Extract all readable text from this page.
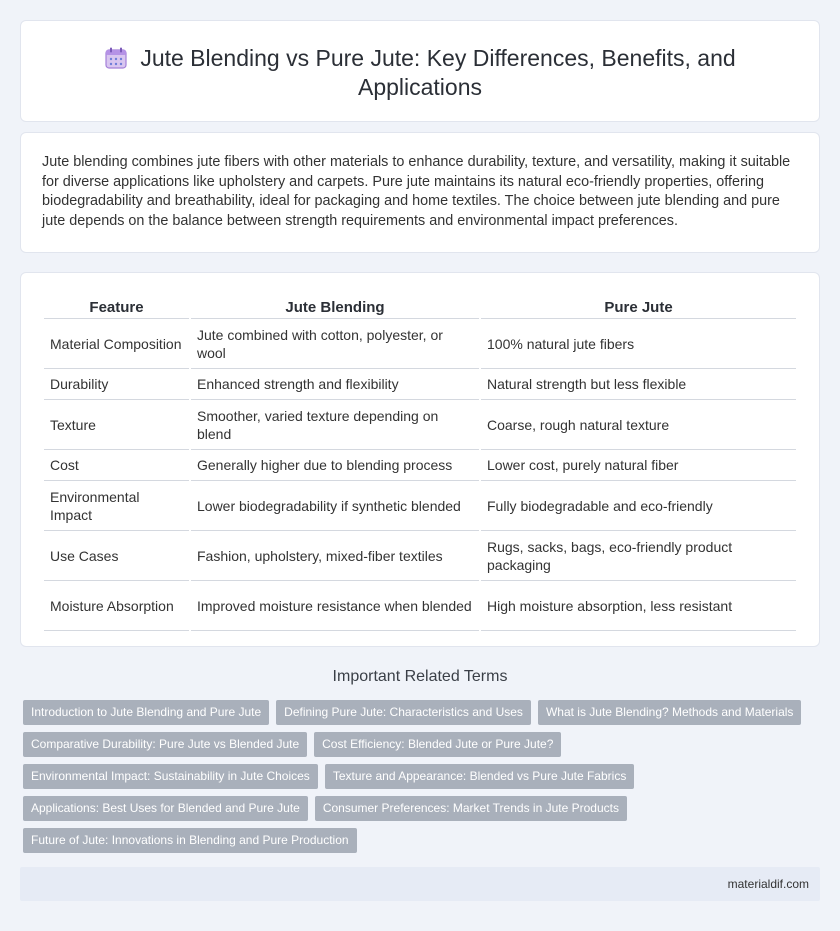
Jute Blending vs Pure Jute: Key Differences, Benefits, and
Applications

Jute blending combines jute fibers with other materials to enhance durability, texture, and versatility, making it suitable for diverse applications like upholstery and carpets. Pure jute maintains its natural eco-friendly properties, offering biodegradability and breathability, ideal for packaging and home textiles. The choice between jute blending and pure jute depends on the balance between strength requirements and environmental impact preferences.

Feature	Jute Blending	Pure Jute
Material Composition	Jute combined with cotton, polyester, or wool	100% natural jute fibers
Durability	Enhanced strength and flexibility	Natural strength but less flexible
Texture	Smoother, varied texture depending on blend	Coarse, rough natural texture
Cost	Generally higher due to blending process	Lower cost, purely natural fiber
Environmental Impact	Lower biodegradability if synthetic blended	Fully biodegradable and eco-friendly
Use Cases	Fashion, upholstery, mixed-fiber textiles	Rugs, sacks, bags, eco-friendly product packaging
Moisture Absorption	Improved moisture resistance when blended	High moisture absorption, less resistant
Important Related Terms
Introduction to Jute Blending and Pure Jute	Defining Pure Jute: Characteristics and Uses	What is Jute Blending? Methods and Materials
Comparative Durability: Pure Jute vs Blended Jute	Cost Efficiency: Blended Jute or Pure Jute?
Environmental Impact: Sustainability in Jute Choices	Texture and Appearance: Blended vs Pure Jute Fabrics
Applications: Best Uses for Blended and Pure Jute	Consumer Preferences: Market Trends in Jute Products
Future of Jute: Innovations in Blending and Pure Production
materialdif.com
